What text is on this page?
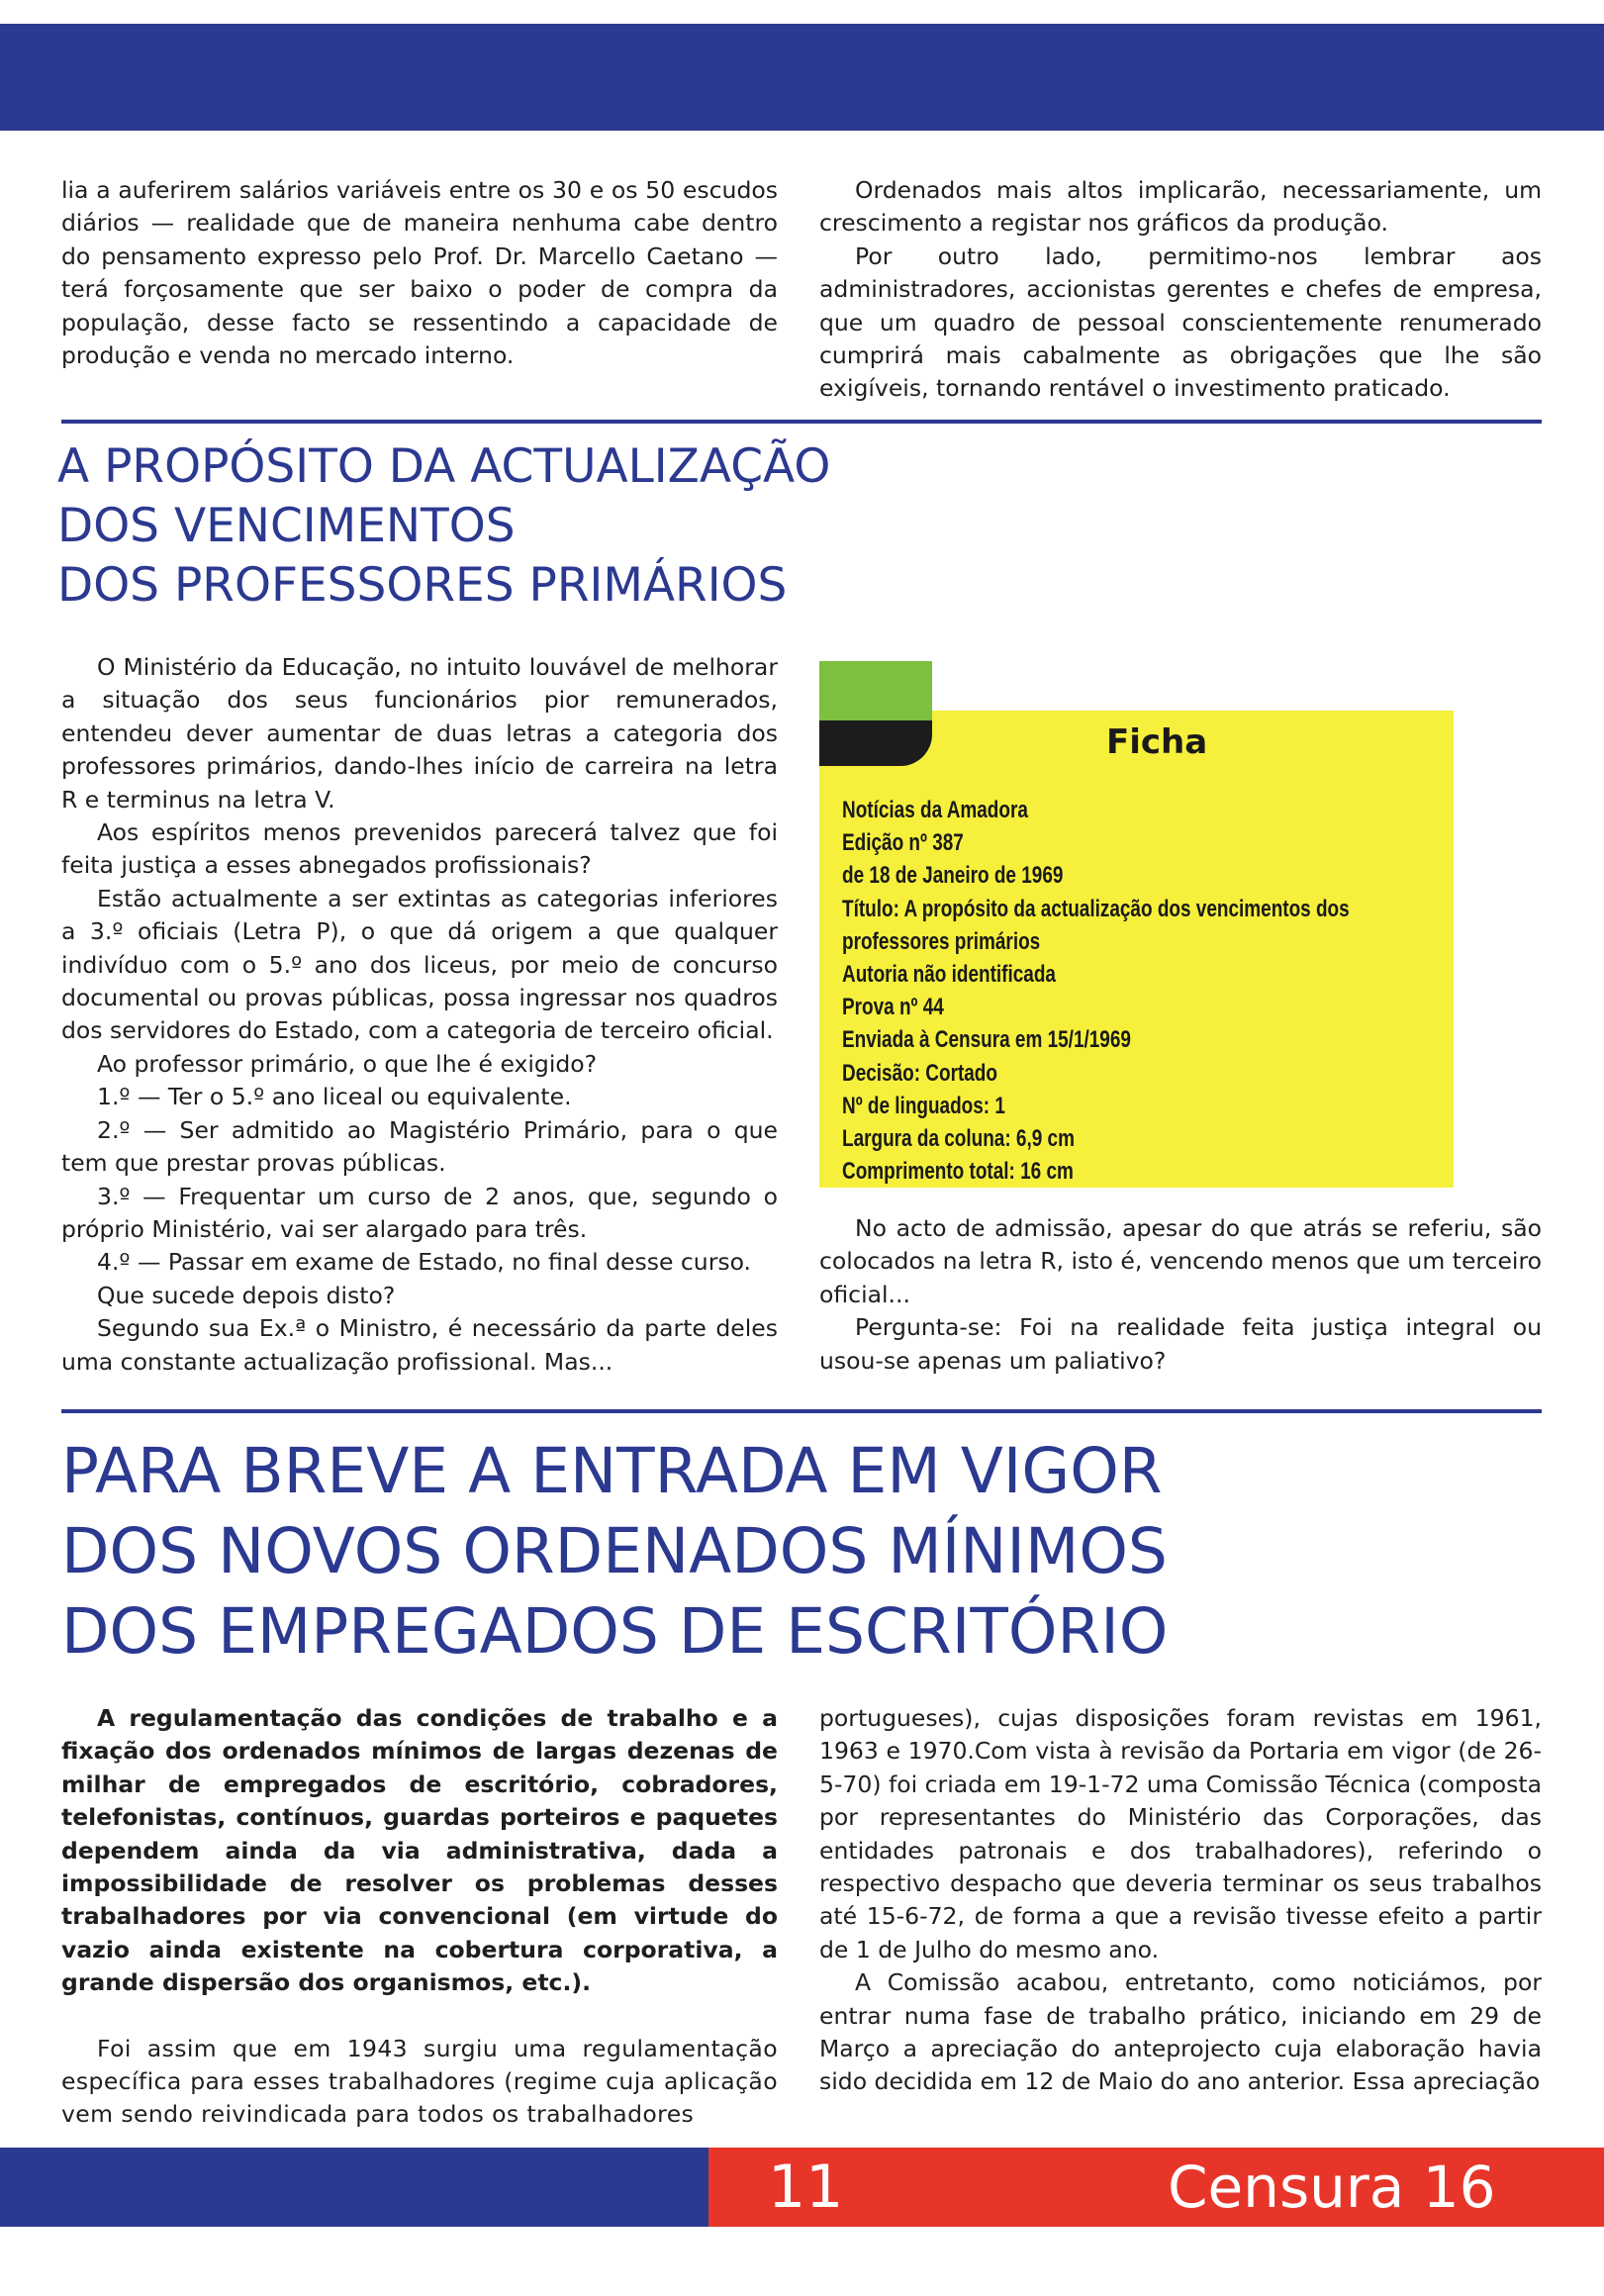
lia a auferirem salários variáveis entre os 30 e os 50 escudos diários — realidade que de maneira nenhuma cabe dentro do pensamento expresso pelo Prof. Dr. Marcello Caetano — terá forçosamente que ser baixo o poder de compra da população, desse facto se ressentindo a capacidade de produção e venda no mercado interno.

Ordenados mais altos implicarão, necessariamente, um crescimento a registar nos gráficos da produção.

Por outro lado, permitimo-nos lembrar aos administradores, accionistas gerentes e chefes de empresa, que um quadro de pessoal conscientemente renumerado cumprirá mais cabalmente as obrigações que lhe são exigíveis, tornando rentável o investimento praticado.

A PROPÓSITO DA ACTUALIZAÇÃO
DOS VENCIMENTOS
DOS PROFESSORES PRIMÁRIOS

O Ministério da Educação, no intuito louvável de melhorar a situação dos seus funcionários pior remunerados, entendeu dever aumentar de duas letras a categoria dos professores primários, dando-lhes início de carreira na letra R e terminus na letra V.

Aos espíritos menos prevenidos parecerá talvez que foi feita justiça a esses abnegados profissionais?

Estão actualmente a ser extintas as categorias inferiores a 3.º oficiais (Letra P), o que dá origem a que qualquer indivíduo com o 5.º ano dos liceus, por meio de concurso documental ou provas públicas, possa ingressar nos quadros dos servidores do Estado, com a categoria de terceiro oficial.

Ao professor primário, o que lhe é exigido?

1.º — Ter o 5.º ano liceal ou equivalente.

2.º — Ser admitido ao Magistério Primário, para o que tem que prestar provas públicas.

3.º — Frequentar um curso de 2 anos, que, segundo o próprio Ministério, vai ser alargado para três.

4.º — Passar em exame de Estado, no final desse curso.

Que sucede depois disto?

Segundo sua Ex.ª o Ministro, é necessário da parte deles uma constante actualização profissional. Mas...

Ficha
Notícias da Amadora
Edição nº 387
de 18 de Janeiro de 1969
Título: A propósito da actualização dos vencimentos dos
professores primários
Autoria não identificada
Prova nº 44
Enviada à Censura em 15/1/1969
Decisão: Cortado
Nº de linguados: 1
Largura da coluna: 6,9 cm
Comprimento total: 16 cm

No acto de admissão, apesar do que atrás se referiu, são colocados na letra R, isto é, vencendo menos que um terceiro oficial...

Pergunta-se: Foi na realidade feita justiça integral ou usou-se apenas um paliativo?

PARA BREVE A ENTRADA EM VIGOR
DOS NOVOS ORDENADOS MÍNIMOS
DOS EMPREGADOS DE ESCRITÓRIO

A regulamentação das condições de trabalho e a fixação dos ordenados mínimos de largas dezenas de milhar de empregados de escritório, cobradores, telefonistas, contínuos, guardas porteiros e paquetes dependem ainda da via administrativa, dada a impossibilidade de resolver os problemas desses trabalhadores por via convencional (em virtude do vazio ainda existente na cobertura corporativa, a grande dispersão dos organismos, etc.).

Foi assim que em 1943 surgiu uma regulamentação específica para esses trabalhadores (regime cuja aplicação vem sendo reivindicada para todos os trabalhadores

portugueses), cujas disposições foram revistas em 1961, 1963 e 1970.Com vista à revisão da Portaria em vigor (de 26-5-70) foi criada em 19-1-72 uma Comissão Técnica (composta por representantes do Ministério das Corporações, das entidades patronais e dos trabalhadores), referindo o respectivo despacho que deveria terminar os seus trabalhos até 15-6-72, de forma a que a revisão tivesse efeito a partir de 1 de Julho do mesmo ano.

A Comissão acabou, entretanto, como noticiámos, por entrar numa fase de trabalho prático, iniciando em 29 de Março a apreciação do anteprojecto cuja elaboração havia sido decidida em 12 de Maio do ano anterior. Essa apreciação

11	Censura 16
